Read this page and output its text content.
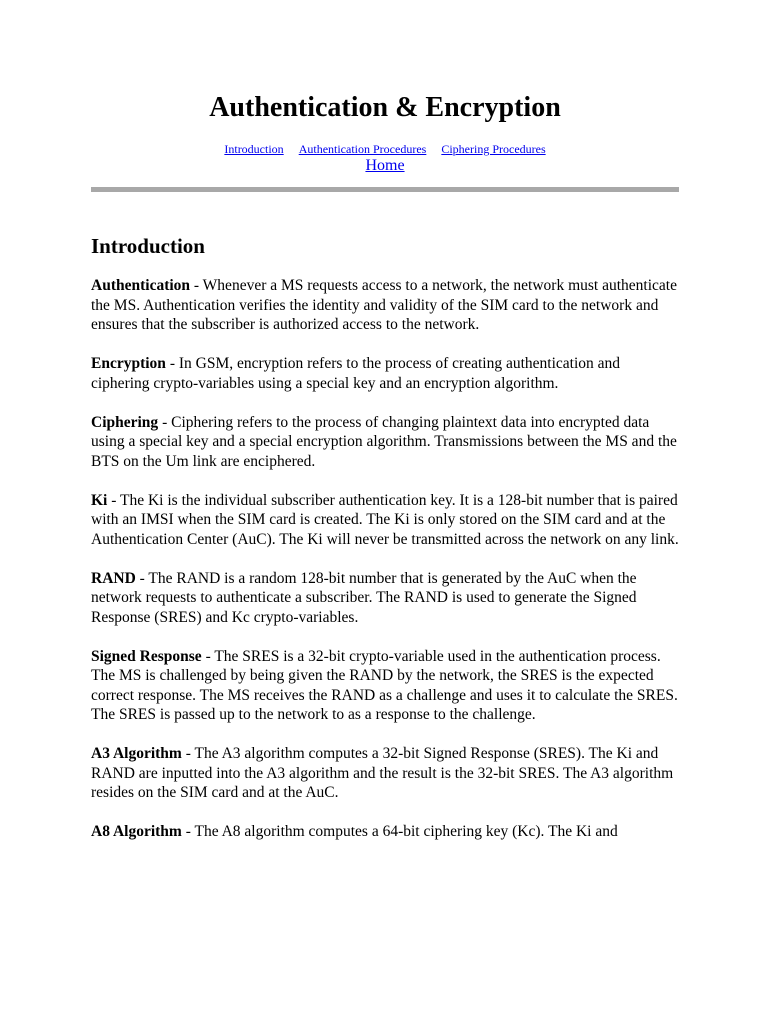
Authentication & Encryption
Introduction Authentication Procedures Ciphering Procedures
Home
Introduction

Authentication - Whenever a MS requests access to a network, the network must authenticate the MS. Authentication verifies the identity and validity of the SIM card to the network and ensures that the subscriber is authorized access to the network.

Encryption - In GSM, encryption refers to the process of creating authentication and ciphering crypto-variables using a special key and an encryption algorithm.

Ciphering - Ciphering refers to the process of changing plaintext data into encrypted data using a special key and a special encryption algorithm. Transmissions between the MS and the BTS on the Um link are enciphered.

Ki - The Ki is the individual subscriber authentication key. It is a 128-bit number that is paired with an IMSI when the SIM card is created. The Ki is only stored on the SIM card and at the Authentication Center (AuC). The Ki will never be transmitted across the network on any link.

RAND - The RAND is a random 128-bit number that is generated by the AuC when the network requests to authenticate a subscriber. The RAND is used to generate the Signed Response (SRES) and Kc crypto-variables.

Signed Response - The SRES is a 32-bit crypto-variable used in the authentication process. The MS is challenged by being given the RAND by the network, the SRES is the expected correct response. The MS receives the RAND as a challenge and uses it to calculate the SRES. The SRES is passed up to the network to as a response to the challenge.

A3 Algorithm - The A3 algorithm computes a 32-bit Signed Response (SRES). The Ki and RAND are inputted into the A3 algorithm and the result is the 32-bit SRES. The A3 algorithm resides on the SIM card and at the AuC.

A8 Algorithm - The A8 algorithm computes a 64-bit ciphering key (Kc). The Ki and
